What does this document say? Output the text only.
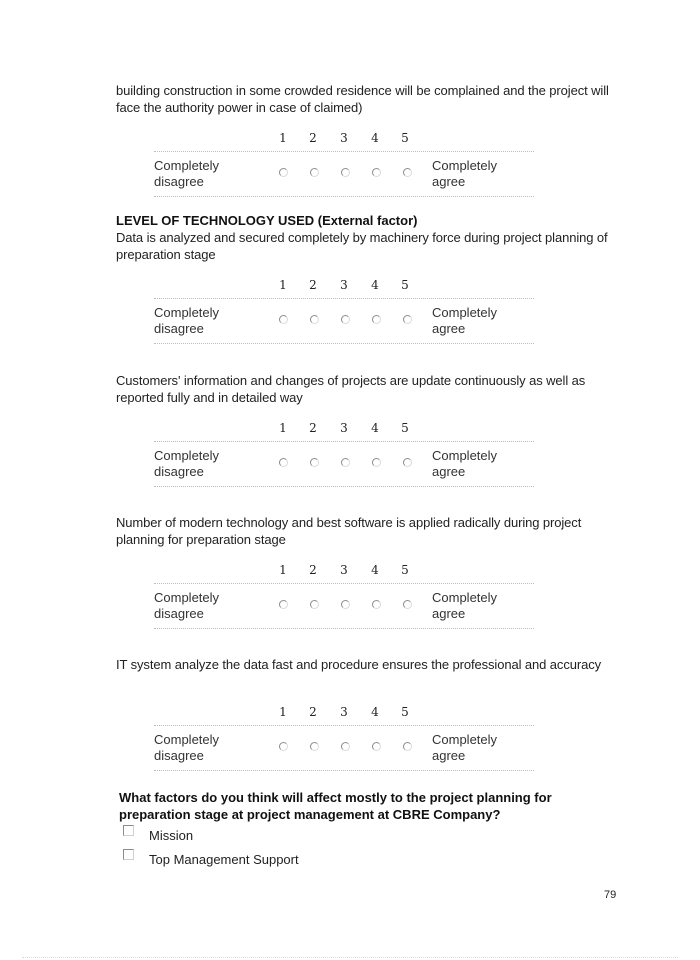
building construction in some crowded residence will be complained and the project will face the authority power in case of claimed)
1 2 3 4 5
Completely
disagree
Completely
agree
LEVEL OF TECHNOLOGY USED (External factor)
Data is analyzed and secured completely by machinery force during project planning of preparation stage
1 2 3 4 5
Completely
disagree
Completely
agree
Customers' information and changes of projects are update continuously as well as reported fully and in detailed way
1 2 3 4 5
Completely
disagree
Completely
agree
Number of modern technology and best software is applied radically during project planning for preparation stage
1 2 3 4 5
Completely
disagree
Completely
agree
IT system analyze the data fast and procedure ensures the professional and accuracy
1 2 3 4 5
Completely
disagree
Completely
agree
What factors do you think will affect mostly to the project planning for preparation stage at project management at CBRE Company?
Mission
Top Management Support
79
